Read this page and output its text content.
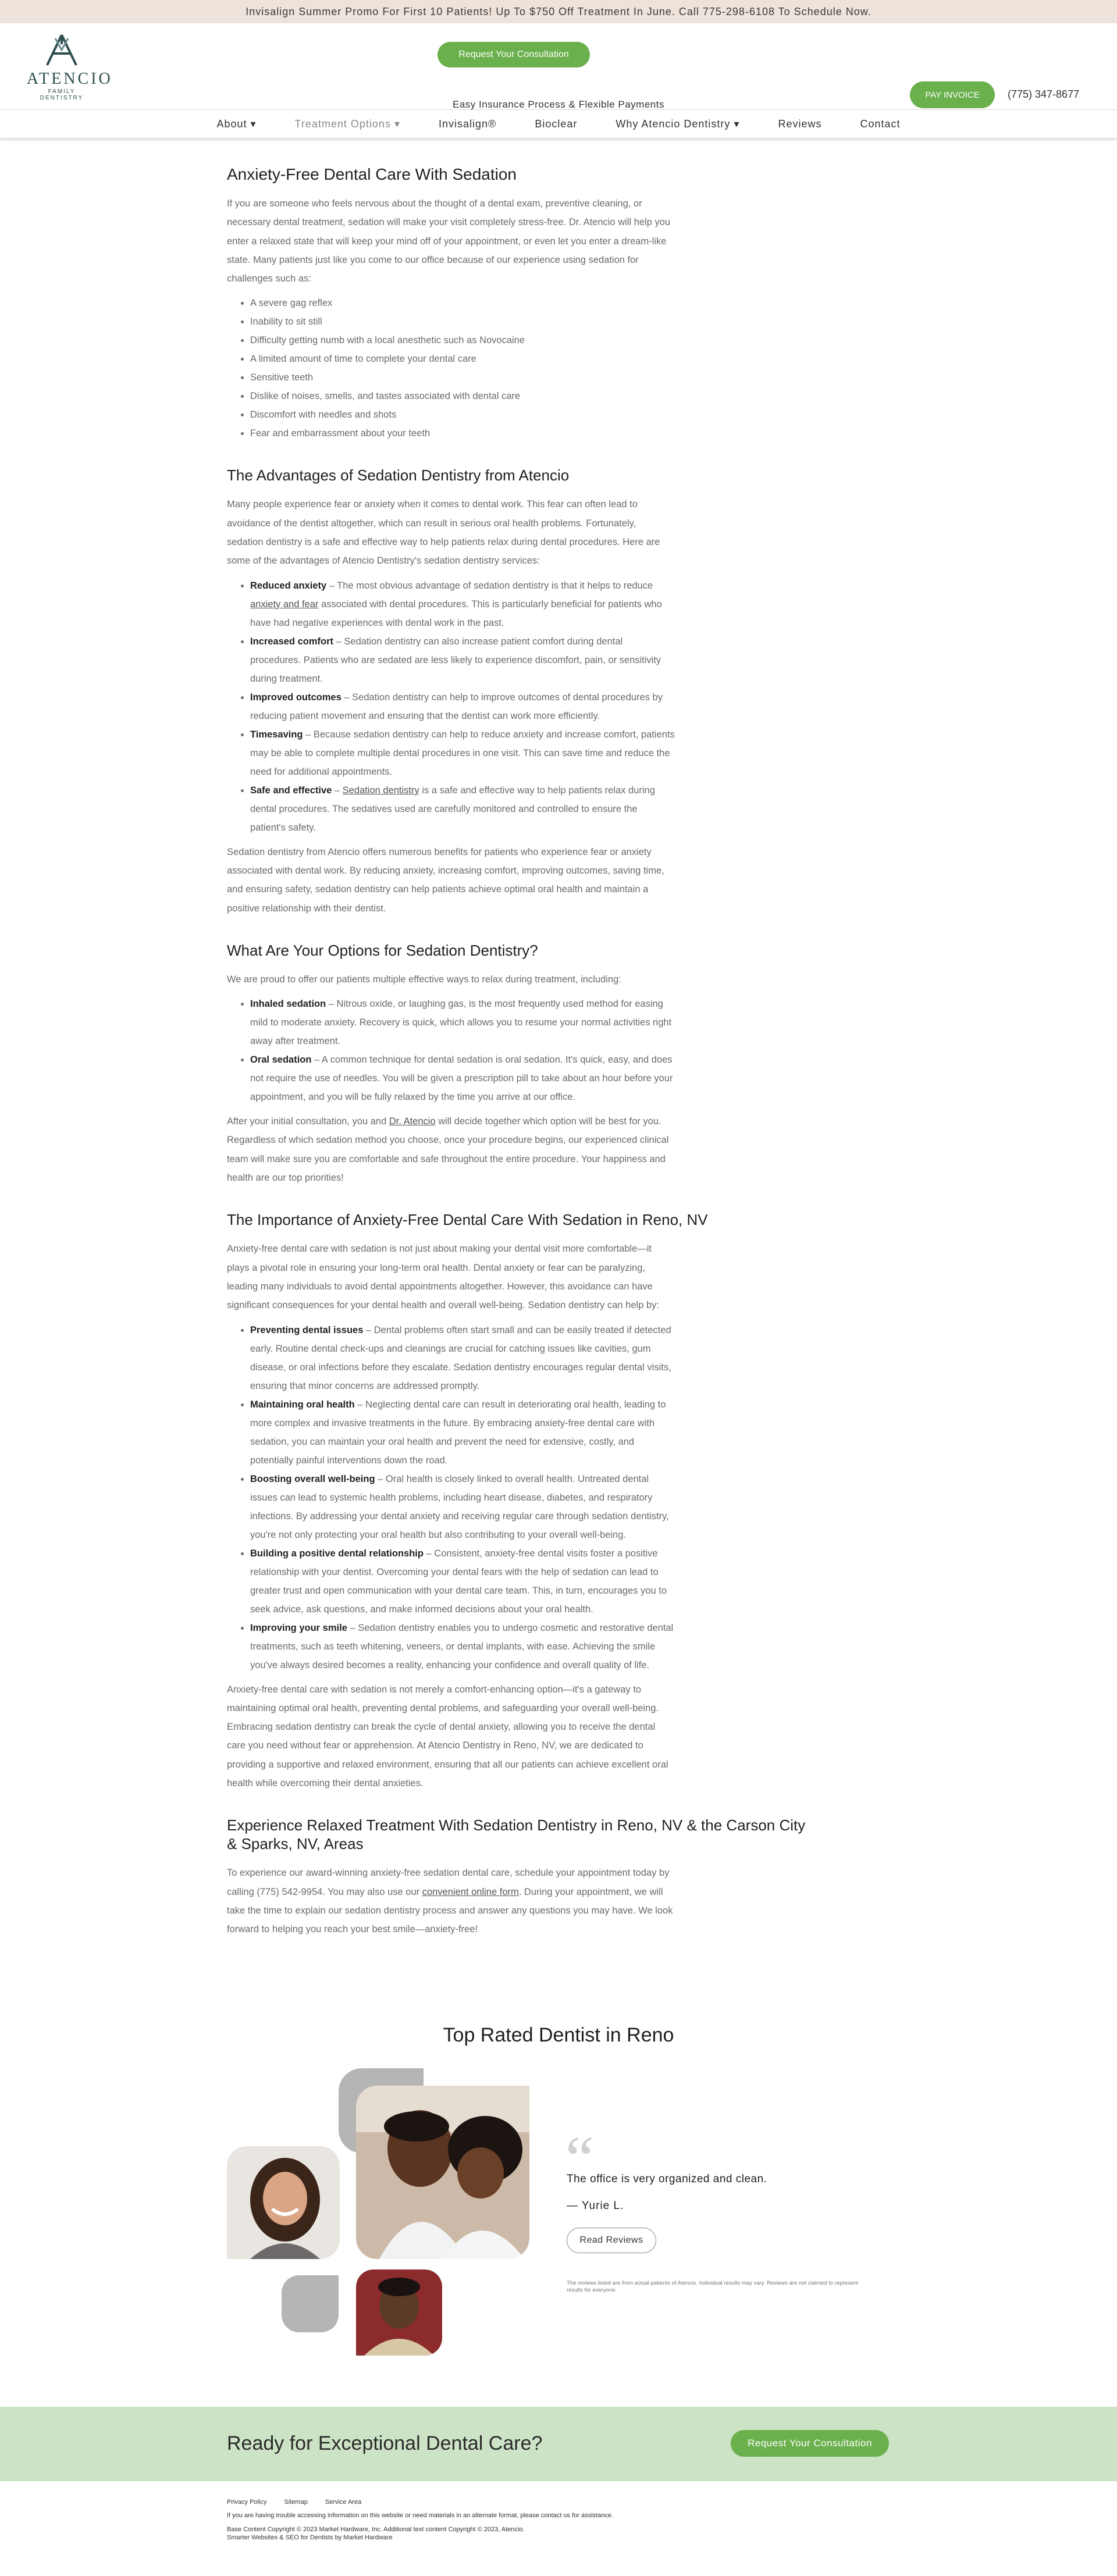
Invisalign Summer Promo For First 10 Patients! Up To $750 Off Treatment In June. Call 775-298-6108 To Schedule Now.
ATENCIO
FAMILY DENTISTRY
Request Your Consultation
Easy Insurance Process & Flexible Payments
PAY INVOICE	(775) 347-8677
About ▾	Treatment Options ▾	Invisalign®	Bioclear	Why Atencio Dentistry ▾	Reviews	Contact
Anxiety-Free Dental Care With Sedation

If you are someone who feels nervous about the thought of a dental exam, preventive cleaning, or necessary dental treatment, sedation will make your visit completely stress-free. Dr. Atencio will help you enter a relaxed state that will keep your mind off of your appointment, or even let you enter a dream-like state. Many patients just like you come to our office because of our experience using sedation for challenges such as:

• A severe gag reflex
• Inability to sit still
• Difficulty getting numb with a local anesthetic such as Novocaine
• A limited amount of time to complete your dental care
• Sensitive teeth
• Dislike of noises, smells, and tastes associated with dental care
• Discomfort with needles and shots
• Fear and embarrassment about your teeth
The Advantages of Sedation Dentistry from Atencio

Many people experience fear or anxiety when it comes to dental work. This fear can often lead to avoidance of the dentist altogether, which can result in serious oral health problems. Fortunately, sedation dentistry is a safe and effective way to help patients relax during dental procedures. Here are some of the advantages of Atencio Dentistry's sedation dentistry services:

• Reduced anxiety – The most obvious advantage of sedation dentistry is that it helps to reduce anxiety and fear associated with dental procedures. This is particularly beneficial for patients who have had negative experiences with dental work in the past.
• Increased comfort – Sedation dentistry can also increase patient comfort during dental procedures. Patients who are sedated are less likely to experience discomfort, pain, or sensitivity during treatment.
• Improved outcomes – Sedation dentistry can help to improve outcomes of dental procedures by reducing patient movement and ensuring that the dentist can work more efficiently.
• Timesaving – Because sedation dentistry can help to reduce anxiety and increase comfort, patients may be able to complete multiple dental procedures in one visit. This can save time and reduce the need for additional appointments.
• Safe and effective – Sedation dentistry is a safe and effective way to help patients relax during dental procedures. The sedatives used are carefully monitored and controlled to ensure the patient's safety.

Sedation dentistry from Atencio offers numerous benefits for patients who experience fear or anxiety associated with dental work. By reducing anxiety, increasing comfort, improving outcomes, saving time, and ensuring safety, sedation dentistry can help patients achieve optimal oral health and maintain a positive relationship with their dentist.

What Are Your Options for Sedation Dentistry?

We are proud to offer our patients multiple effective ways to relax during treatment, including:

• Inhaled sedation – Nitrous oxide, or laughing gas, is the most frequently used method for easing mild to moderate anxiety. Recovery is quick, which allows you to resume your normal activities right away after treatment.
• Oral sedation – A common technique for dental sedation is oral sedation. It's quick, easy, and does not require the use of needles. You will be given a prescription pill to take about an hour before your appointment, and you will be fully relaxed by the time you arrive at our office.

After your initial consultation, you and Dr. Atencio will decide together which option will be best for you. Regardless of which sedation method you choose, once your procedure begins, our experienced clinical team will make sure you are comfortable and safe throughout the entire procedure. Your happiness and health are our top priorities!

The Importance of Anxiety-Free Dental Care With Sedation in Reno, NV

Anxiety-free dental care with sedation is not just about making your dental visit more comfortable—it plays a pivotal role in ensuring your long-term oral health. Dental anxiety or fear can be paralyzing, leading many individuals to avoid dental appointments altogether. However, this avoidance can have significant consequences for your dental health and overall well-being. Sedation dentistry can help by:

• Preventing dental issues – Dental problems often start small and can be easily treated if detected early. Routine dental check-ups and cleanings are crucial for catching issues like cavities, gum disease, or oral infections before they escalate. Sedation dentistry encourages regular dental visits, ensuring that minor concerns are addressed promptly.
• Maintaining oral health – Neglecting dental care can result in deteriorating oral health, leading to more complex and invasive treatments in the future. By embracing anxiety-free dental care with sedation, you can maintain your oral health and prevent the need for extensive, costly, and potentially painful interventions down the road.
• Boosting overall well-being – Oral health is closely linked to overall health. Untreated dental issues can lead to systemic health problems, including heart disease, diabetes, and respiratory infections. By addressing your dental anxiety and receiving regular care through sedation dentistry, you're not only protecting your oral health but also contributing to your overall well-being.
• Building a positive dental relationship – Consistent, anxiety-free dental visits foster a positive relationship with your dentist. Overcoming your dental fears with the help of sedation can lead to greater trust and open communication with your dental care team. This, in turn, encourages you to seek advice, ask questions, and make informed decisions about your oral health.
• Improving your smile – Sedation dentistry enables you to undergo cosmetic and restorative dental treatments, such as teeth whitening, veneers, or dental implants, with ease. Achieving the smile you've always desired becomes a reality, enhancing your confidence and overall quality of life.

Anxiety-free dental care with sedation is not merely a comfort-enhancing option—it's a gateway to maintaining optimal oral health, preventing dental problems, and safeguarding your overall well-being. Embracing sedation dentistry can break the cycle of dental anxiety, allowing you to receive the dental care you need without fear or apprehension. At Atencio Dentistry in Reno, NV, we are dedicated to providing a supportive and relaxed environment, ensuring that all our patients can achieve excellent oral health while overcoming their dental anxieties.

Experience Relaxed Treatment With Sedation Dentistry in Reno, NV & the Carson City & Sparks, NV, Areas

To experience our award-winning anxiety-free sedation dental care, schedule your appointment today by calling (775) 542-9954. You may also use our convenient online form. During your appointment, we will take the time to explain our sedation dentistry process and answer any questions you may have. We look forward to helping you reach your best smile—anxiety-free!

Top Rated Dentist in Reno
“
The office is very organized and clean.
— Yurie L.
Read Reviews
The reviews listed are from actual patients of Atencio. Individual results may vary. Reviews are not claimed to represent results for everyone.
Ready for Exceptional Dental Care?	Request Your Consultation
Privacy Policy	Sitemap	Service Area
If you are having trouble accessing information on this website or need materials in an alternate format, please contact us for assistance.
Base Content Copyright © 2023 Market Hardware, Inc. Additional text content Copyright © 2023, Atencio.
Smarter Websites & SEO for Dentists by Market Hardware
